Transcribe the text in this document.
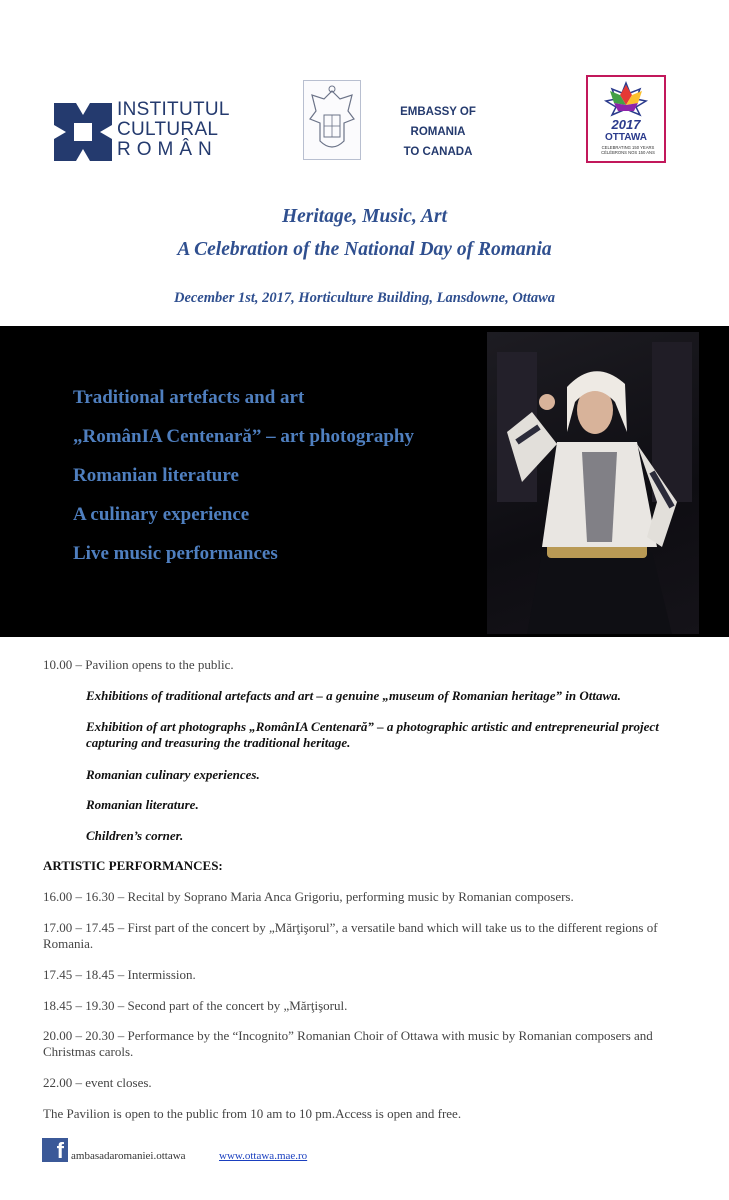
INSTITUTUL
CULTURAL
ROMÂN
EMBASSY OF ROMANIA
TO CANADA
2017
OTTAWA
CELEBRATING 150 YEARS
CÉLÉBRONS NOS 150 ANS
Heritage, Music, Art
A Celebration of the National Day of Romania
December 1st, 2017, Horticulture Building, Lansdowne, Ottawa
Traditional artefacts and art
„RomânIA Centenară” – art photography
Romanian literature
A culinary experience
Live music performances
10.00 – Pavilion opens to the public.
Exhibitions of traditional artefacts and art – a genuine „museum of Romanian heritage” in Ottawa.
Exhibition of art photographs „RomânIA Centenară” – a photographic artistic and entrepreneurial project capturing and treasuring the traditional heritage.
Romanian culinary experiences.
Romanian literature.
Children’s corner.
ARTISTIC PERFORMANCES:
16.00 – 16.30 – Recital by Soprano Maria Anca Grigoriu, performing music by Romanian composers.
17.00 – 17.45 – First part of the concert by „Mărţişorul”, a versatile band which will take us to the different regions of Romania.
17.45 – 18.45 – Intermission.
18.45 – 19.30 – Second part of the concert by „Mărţişorul.
20.00 – 20.30 – Performance by the “Incognito” Romanian Choir of Ottawa with music by Romanian composers and Christmas carols.
22.00 – event closes.
The Pavilion is open to the public from 10 am to 10 pm.Access is open and free.
f ambasadaromaniei.ottawa	www.ottawa.mae.ro
